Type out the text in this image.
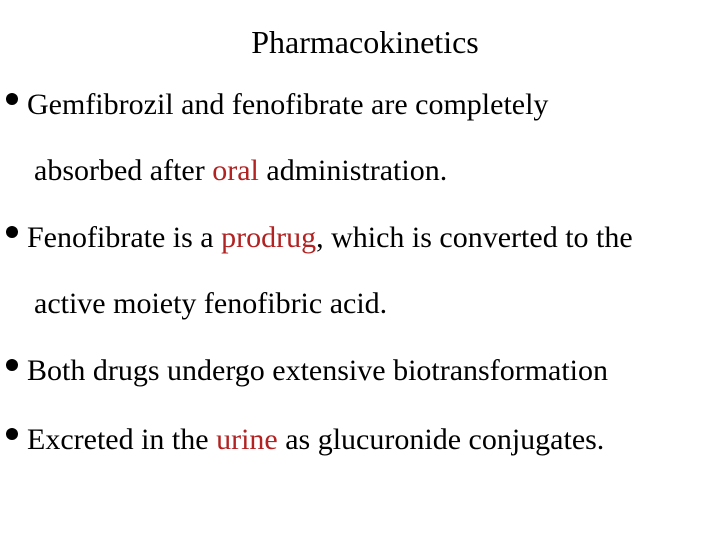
Pharmacokinetics
Gemfibrozil and fenofibrate are completely
absorbed after oral administration.
Fenofibrate is a prodrug, which is converted to the
active moiety fenofibric acid.
Both drugs undergo extensive biotransformation
Excreted in the urine as glucuronide conjugates.
